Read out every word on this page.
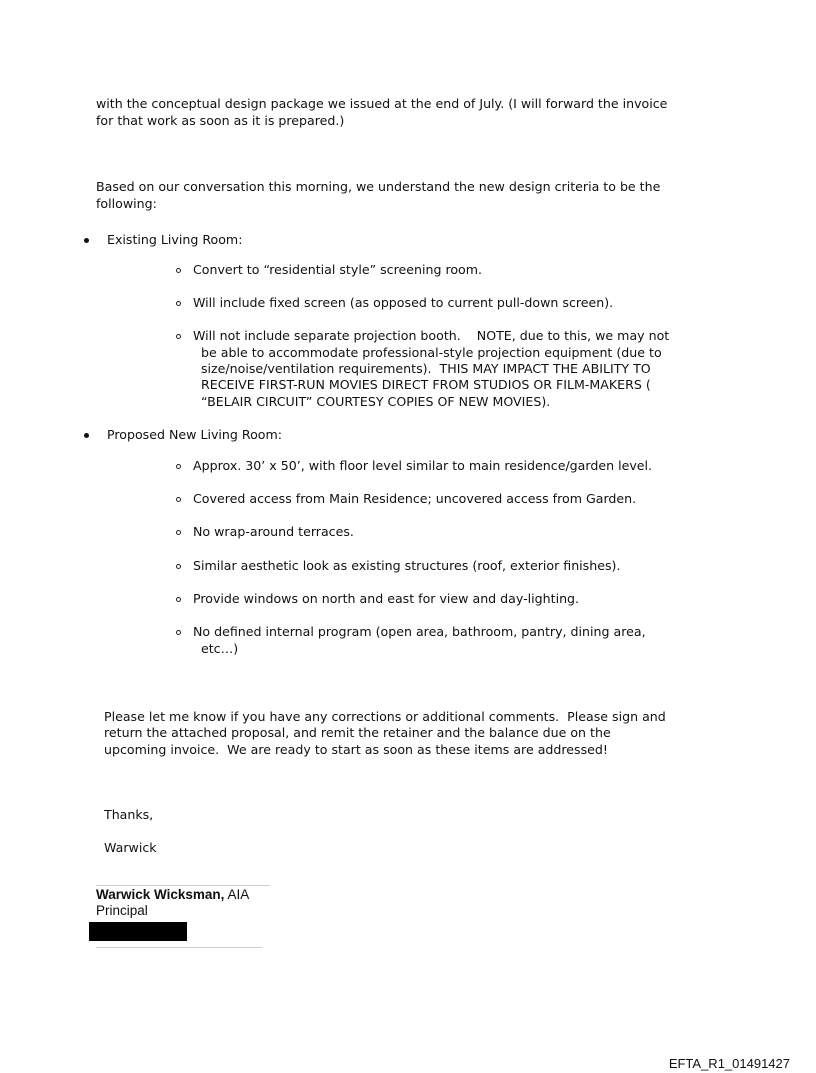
with the conceptual design package we issued at the end of July. (I will forward the invoice
for that work as soon as it is prepared.)
Based on our conversation this morning, we understand the new design criteria to be the
following:
Existing Living Room:
Convert to “residential style” screening room.
Will include fixed screen (as opposed to current pull-down screen).
Will not include separate projection booth.    NOTE, due to this, we may not
be able to accommodate professional-style projection equipment (due to
size/noise/ventilation requirements).  THIS MAY IMPACT THE ABILITY TO
RECEIVE FIRST-RUN MOVIES DIRECT FROM STUDIOS OR FILM-MAKERS (
“BELAIR CIRCUIT” COURTESY COPIES OF NEW MOVIES).
Proposed New Living Room:
Approx. 30’ x 50’, with floor level similar to main residence/garden level.
Covered access from Main Residence; uncovered access from Garden.
No wrap-around terraces.
Similar aesthetic look as existing structures (roof, exterior finishes).
Provide windows on north and east for view and day-lighting.
No defined internal program (open area, bathroom, pantry, dining area,
etc…)
Please let me know if you have any corrections or additional comments.  Please sign and
return the attached proposal, and remit the retainer and the balance due on the
upcoming invoice.  We are ready to start as soon as these items are addressed!
Thanks,
Warwick
Warwick Wicksman, AIA
Principal
EFTA_R1_01491427
